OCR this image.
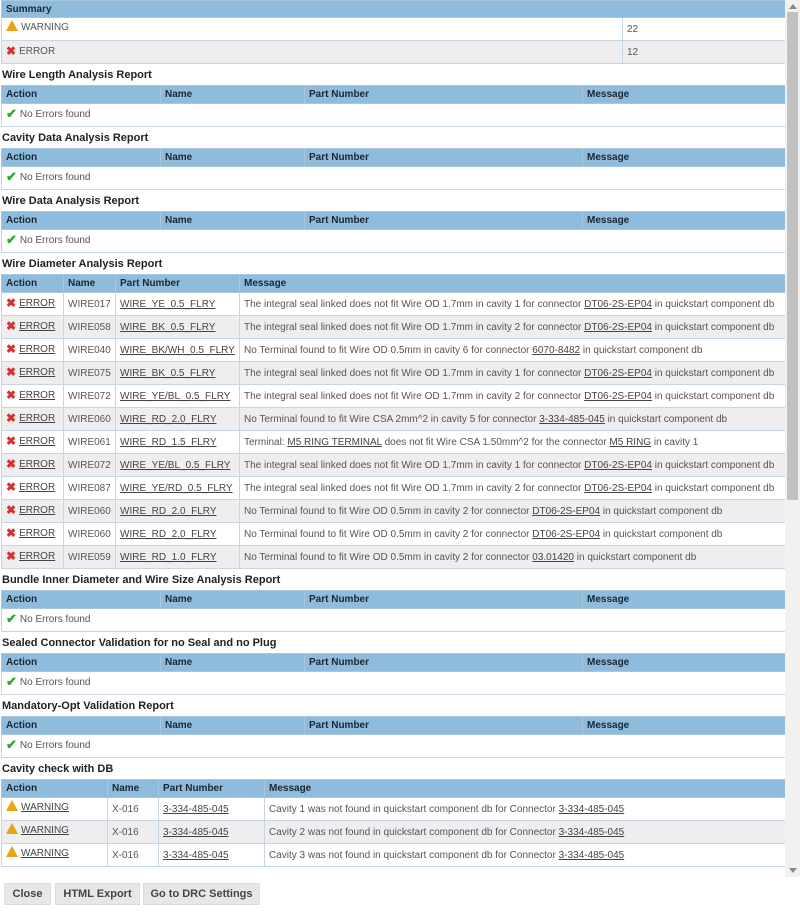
Summary	

WARNING	22

✖ ERROR	12
Wire Length Analysis Report
Action	Name	Part Number	Message

✔ No Errors found
Cavity Data Analysis Report
Action	Name	Part Number	Message

✔ No Errors found
Wire Data Analysis Report
Action	Name	Part Number	Message

✔ No Errors found
Wire Diameter Analysis Report
Action	Name	Part Number	Message

✖ ERROR	WIRE017	WIRE_YE_0.5_FLRY	The integral seal linked does not fit Wire OD 1.7mm in cavity 1 for connector DT06-2S-EP04 in quickstart component db

✖ ERROR	WIRE058	WIRE_BK_0.5_FLRY	The integral seal linked does not fit Wire OD 1.7mm in cavity 2 for connector DT06-2S-EP04 in quickstart component db

✖ ERROR	WIRE040	WIRE_BK/WH_0.5_FLRY	No Terminal found to fit Wire OD 0.5mm in cavity 6 for connector 6070-8482 in quickstart component db

✖ ERROR	WIRE075	WIRE_BK_0.5_FLRY	The integral seal linked does not fit Wire OD 1.7mm in cavity 1 for connector DT06-2S-EP04 in quickstart component db

✖ ERROR	WIRE072	WIRE_YE/BL_0.5_FLRY	The integral seal linked does not fit Wire OD 1.7mm in cavity 2 for connector DT06-2S-EP04 in quickstart component db

✖ ERROR	WIRE060	WIRE_RD_2.0_FLRY	No Terminal found to fit Wire CSA 2mm^2 in cavity 5 for connector 3-334-485-045 in quickstart component db

✖ ERROR	WIRE061	WIRE_RD_1.5_FLRY	Terminal: M5 RING TERMINAL does not fit Wire CSA 1.50mm^2 for the connector M5 RING in cavity 1

✖ ERROR	WIRE072	WIRE_YE/BL_0.5_FLRY	The integral seal linked does not fit Wire OD 1.7mm in cavity 1 for connector DT06-2S-EP04 in quickstart component db

✖ ERROR	WIRE087	WIRE_YE/RD_0.5_FLRY	The integral seal linked does not fit Wire OD 1.7mm in cavity 2 for connector DT06-2S-EP04 in quickstart component db

✖ ERROR	WIRE060	WIRE_RD_2.0_FLRY	No Terminal found to fit Wire OD 0.5mm in cavity 2 for connector DT06-2S-EP04 in quickstart component db

✖ ERROR	WIRE060	WIRE_RD_2.0_FLRY	No Terminal found to fit Wire OD 0.5mm in cavity 2 for connector DT06-2S-EP04 in quickstart component db

✖ ERROR	WIRE059	WIRE_RD_1.0_FLRY	No Terminal found to fit Wire OD 0.5mm in cavity 2 for connector 03.01420 in quickstart component db
Bundle Inner Diameter and Wire Size Analysis Report
Action	Name	Part Number	Message

✔ No Errors found
Sealed Connector Validation for no Seal and no Plug
Action	Name	Part Number	Message

✔ No Errors found
Mandatory-Opt Validation Report
Action	Name	Part Number	Message

✔ No Errors found
Cavity check with DB
Action	Name	Part Number	Message

WARNING	X-016	3-334-485-045	Cavity 1 was not found in quickstart component db for Connector 3-334-485-045

WARNING	X-016	3-334-485-045	Cavity 2 was not found in quickstart component db for Connector 3-334-485-045

WARNING	X-016	3-334-485-045	Cavity 3 was not found in quickstart component db for Connector 3-334-485-045
Close	HTML Export	Go to DRC Settings
